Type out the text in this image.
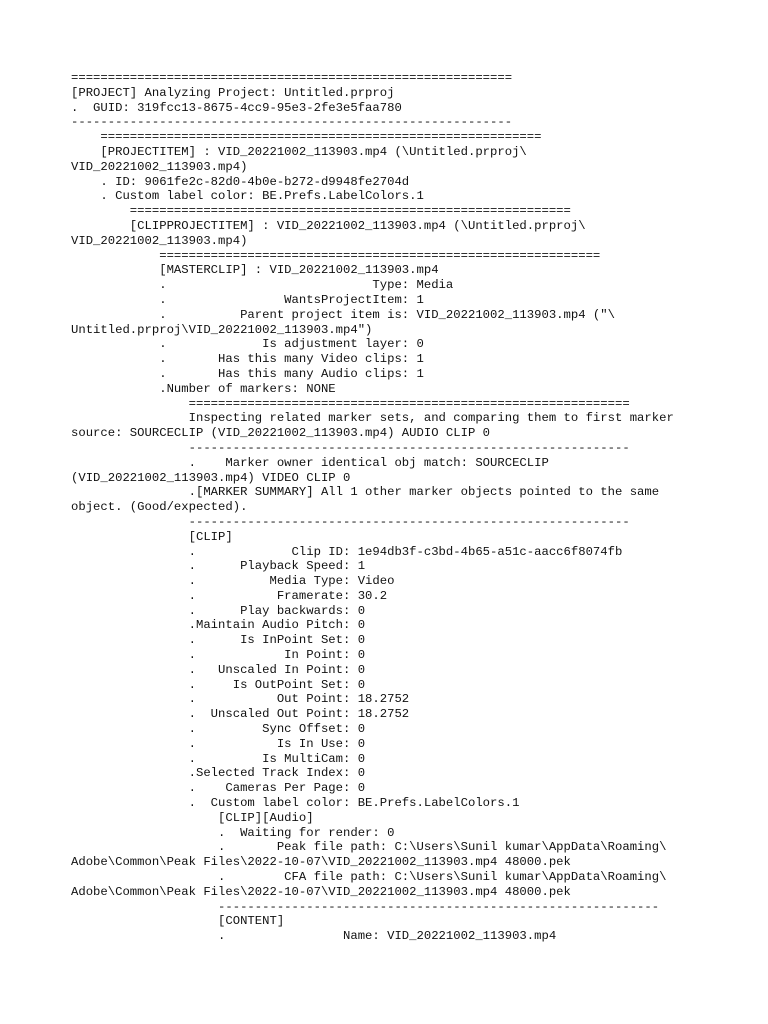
============================================================
[PROJECT] Analyzing Project: Untitled.prproj
.  GUID: 319fcc13-8675-4cc9-95e3-2fe3e5faa780
------------------------------------------------------------
============================================================
[PROJECTITEM] : VID_20221002_113903.mp4 (\Untitled.prproj\
VID_20221002_113903.mp4)
. ID: 9061fe2c-82d0-4b0e-b272-d9948fe2704d
. Custom label color: BE.Prefs.LabelColors.1
============================================================
[CLIPPROJECTITEM] : VID_20221002_113903.mp4 (\Untitled.prproj\
VID_20221002_113903.mp4)
============================================================
[MASTERCLIP] : VID_20221002_113903.mp4
.                            Type: Media
.                WantsProjectItem: 1
.          Parent project item is: VID_20221002_113903.mp4 ("\
Untitled.prproj\VID_20221002_113903.mp4")
.             Is adjustment layer: 0
.       Has this many Video clips: 1
.       Has this many Audio clips: 1
.Number of markers: NONE
============================================================
Inspecting related marker sets, and comparing them to first marker
source: SOURCECLIP (VID_20221002_113903.mp4) AUDIO CLIP 0
------------------------------------------------------------
.    Marker owner identical obj match: SOURCECLIP
(VID_20221002_113903.mp4) VIDEO CLIP 0
.[MARKER SUMMARY] All 1 other marker objects pointed to the same
object. (Good/expected).
------------------------------------------------------------
[CLIP]
.             Clip ID: 1e94db3f-c3bd-4b65-a51c-aacc6f8074fb
.      Playback Speed: 1
.          Media Type: Video
.           Framerate: 30.2
.      Play backwards: 0
.Maintain Audio Pitch: 0
.      Is InPoint Set: 0
.            In Point: 0
.   Unscaled In Point: 0
.     Is OutPoint Set: 0
.           Out Point: 18.2752
.  Unscaled Out Point: 18.2752
.         Sync Offset: 0
.           Is In Use: 0
.         Is MultiCam: 0
.Selected Track Index: 0
.    Cameras Per Page: 0
.  Custom label color: BE.Prefs.LabelColors.1
[CLIP][Audio]
.  Waiting for render: 0
.       Peak file path: C:\Users\Sunil kumar\AppData\Roaming\
Adobe\Common\Peak Files\2022-10-07\VID_20221002_113903.mp4 48000.pek
.        CFA file path: C:\Users\Sunil kumar\AppData\Roaming\
Adobe\Common\Peak Files\2022-10-07\VID_20221002_113903.mp4 48000.pek
------------------------------------------------------------
[CONTENT]
.                Name: VID_20221002_113903.mp4
